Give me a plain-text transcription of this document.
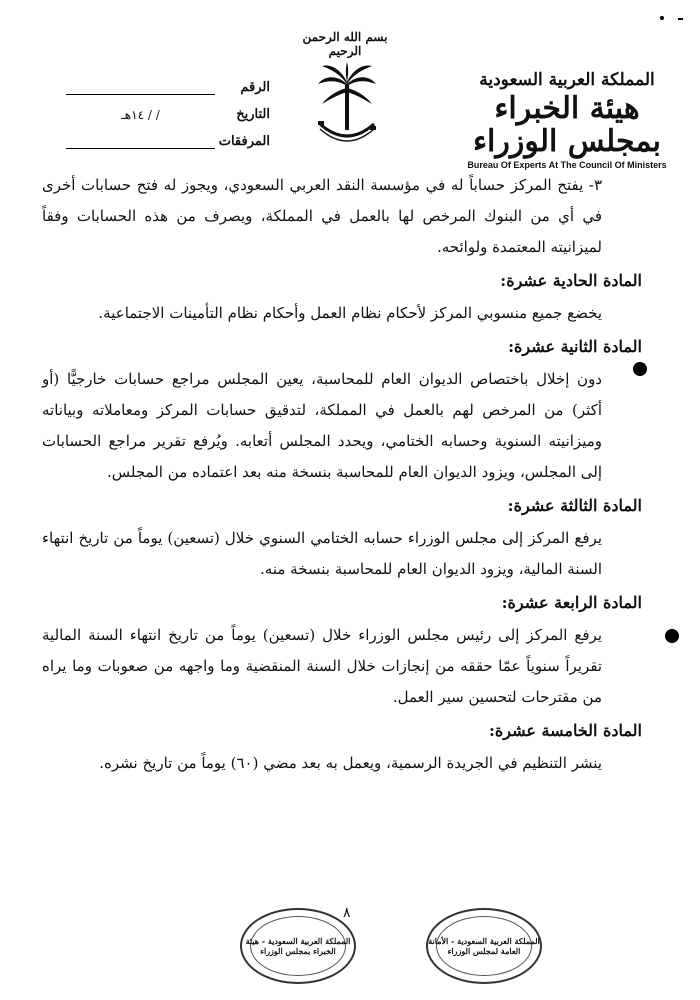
بسم الله الرحمن الرحيم
المملكة العربية السعودية
هيئة الخبراء بمجلس الوزراء
Bureau Of Experts At The Council Of Ministers
الرقم
التاريخ
/ / ١٤هـ
المرفقات

٣- يفتح المركز حساباً له في مؤسسة النقد العربي السعودي، ويجوز له فتح حسابات أخرى في أي من البنوك المرخص لها بالعمل في المملكة، ويصرف من هذه الحسابات وفقاً لميزانيته المعتمدة ولوائحه.

المادة الحادية عشرة:

يخضع جميع منسوبي المركز لأحكام نظام العمل وأحكام نظام التأمينات الاجتماعية.

المادة الثانية عشرة:

دون إخلال باختصاص الديوان العام للمحاسبة، يعين المجلس مراجع حسابات خارجيًّا (أو أكثر) من المرخص لهم بالعمل في المملكة، لتدقيق حسابات المركز ومعاملاته وبياناته وميزانيته السنوية وحسابه الختامي، ويحدد المجلس أتعابه. ويُرفع تقرير مراجع الحسابات إلى المجلس، ويزود الديوان العام للمحاسبة بنسخة منه بعد اعتماده من المجلس.

المادة الثالثة عشرة:

يرفع المركز إلى مجلس الوزراء حسابه الختامي السنوي خلال (تسعين) يوماً من تاريخ انتهاء السنة المالية، ويزود الديوان العام للمحاسبة بنسخة منه.

المادة الرابعة عشرة:

يرفع المركز إلى رئيس مجلس الوزراء خلال (تسعين) يوماً من تاريخ انتهاء السنة المالية تقريراً سنوياً عمّا حققه من إنجازات خلال السنة المنقضية وما واجهه من صعوبات وما يراه من مقترحات لتحسين سير العمل.

المادة الخامسة عشرة:

ينشر التنظيم في الجريدة الرسمية، ويعمل به بعد مضي (٦٠) يوماً من تاريخ نشره.

٨
المملكة العربية السعودية - هيئة الخبراء بمجلس الوزراء
المملكة العربية السعودية - الأمانة العامة لمجلس الوزراء
